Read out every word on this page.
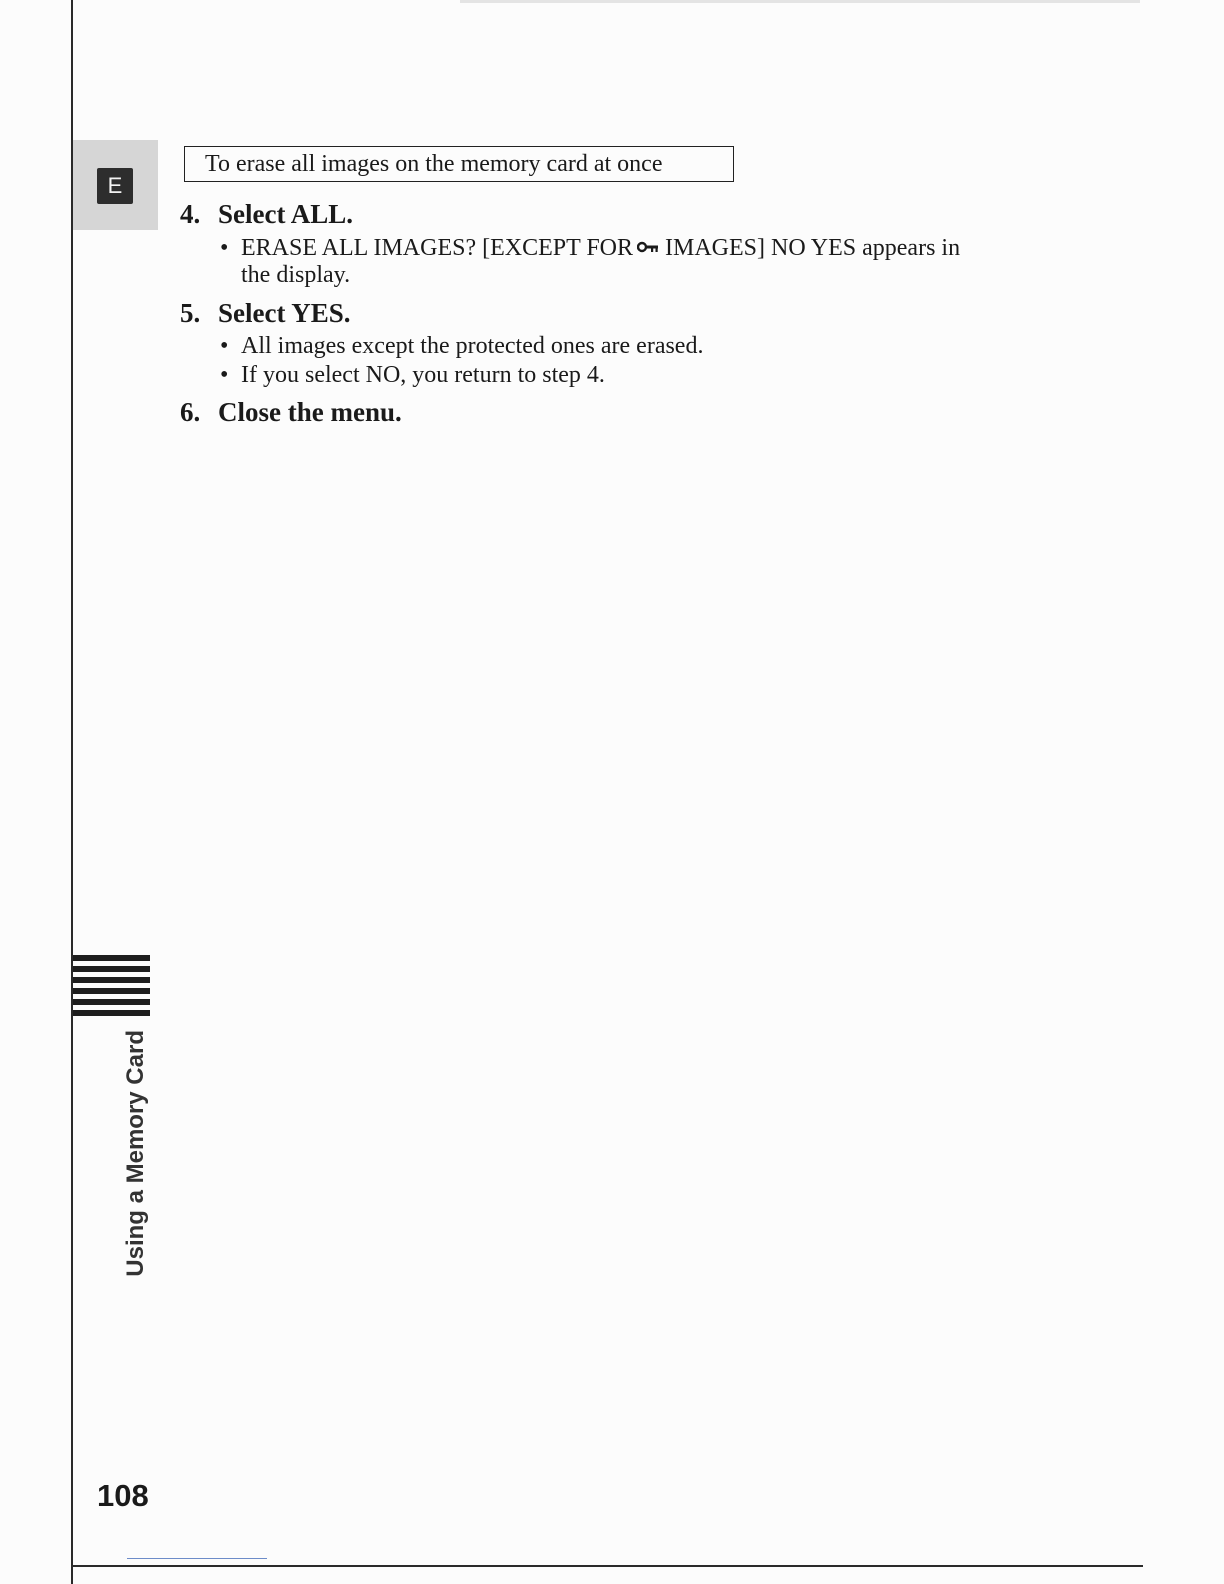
E
To erase all images on the memory card at once
4. Select ALL.
• ERASE ALL IMAGES? [EXCEPT FOR IMAGES] NO YES appears in
the display.
5. Select YES.
• All images except the protected ones are erased.
• If you select NO, you return to step 4.
6. Close the menu.
Using a Memory Card
108
